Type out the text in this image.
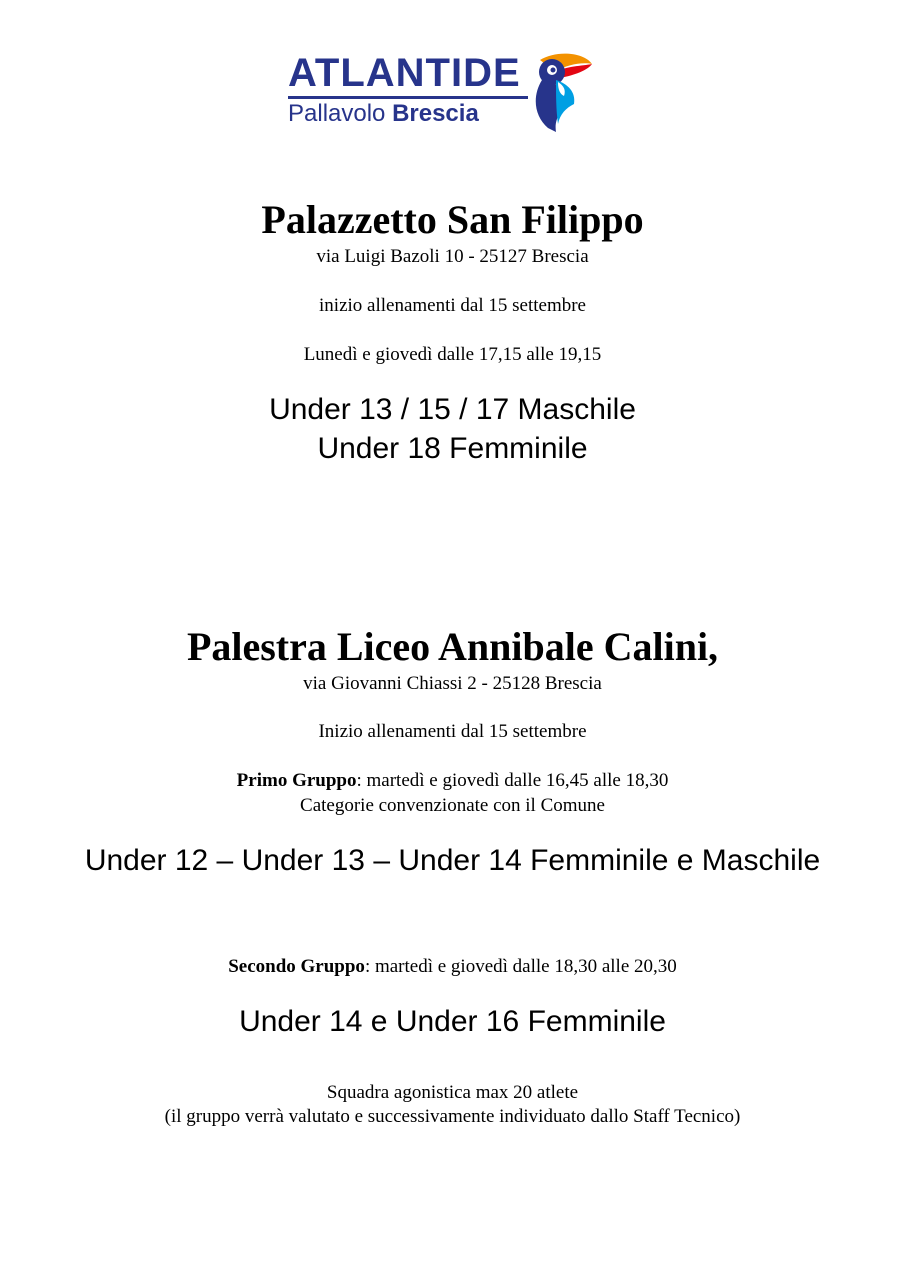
ATLANTIDE
Pallavolo Brescia
Palazzetto San Filippo
via Luigi Bazoli 10 - 25127 Brescia
inizio allenamenti dal 15 settembre
Lunedì e giovedì dalle 17,15 alle 19,15
Under 13 / 15 / 17 Maschile
Under 18 Femminile
Palestra Liceo Annibale Calini,
via Giovanni Chiassi 2 - 25128 Brescia
Inizio allenamenti dal 15 settembre
Primo Gruppo: martedì e giovedì dalle 16,45 alle 18,30
Categorie convenzionate con il Comune
Under 12 – Under 13 – Under 14 Femminile e Maschile
Secondo Gruppo: martedì e giovedì dalle 18,30 alle 20,30
Under 14 e Under 16 Femminile
Squadra agonistica max 20 atlete
(il gruppo verrà valutato e successivamente individuato dallo Staff Tecnico)
